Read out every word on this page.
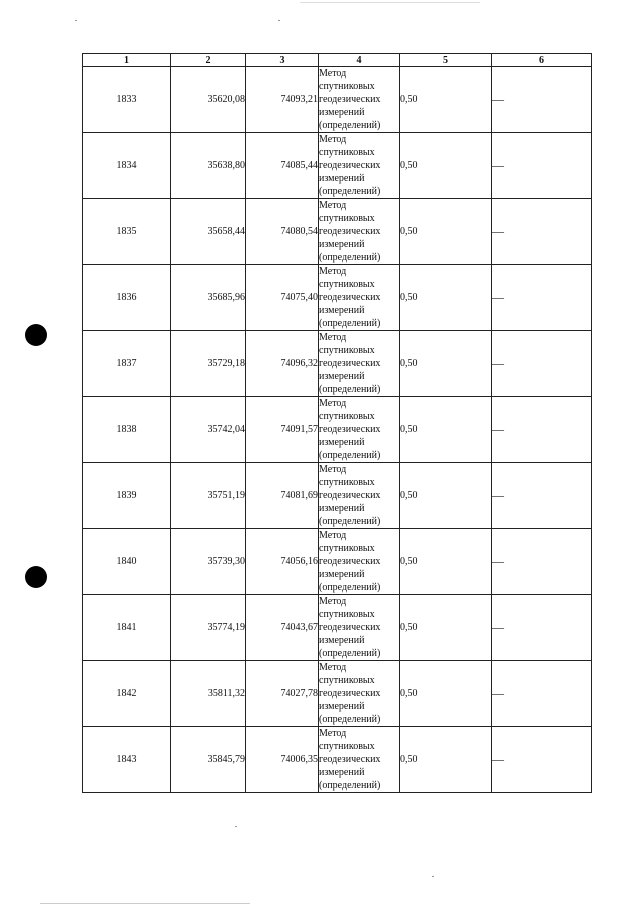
1	2	3	4	5	6
1833	35620,08	74093,21	Метод
спутниковых
геодезических
измерений
(определений)	0,50	—
1834	35638,80	74085,44	Метод
спутниковых
геодезических
измерений
(определений)	0,50	—
1835	35658,44	74080,54	Метод
спутниковых
геодезических
измерений
(определений)	0,50	—
1836	35685,96	74075,40	Метод
спутниковых
геодезических
измерений
(определений)	0,50	—
1837	35729,18	74096,32	Метод
спутниковых
геодезических
измерений
(определений)	0,50	—
1838	35742,04	74091,57	Метод
спутниковых
геодезических
измерений
(определений)	0,50	—
1839	35751,19	74081,69	Метод
спутниковых
геодезических
измерений
(определений)	0,50	—
1840	35739,30	74056,16	Метод
спутниковых
геодезических
измерений
(определений)	0,50	—
1841	35774,19	74043,67	Метод
спутниковых
геодезических
измерений
(определений)	0,50	—
1842	35811,32	74027,78	Метод
спутниковых
геодезических
измерений
(определений)	0,50	—
1843	35845,79	74006,35	Метод
спутниковых
геодезических
измерений
(определений)	0,50	—
